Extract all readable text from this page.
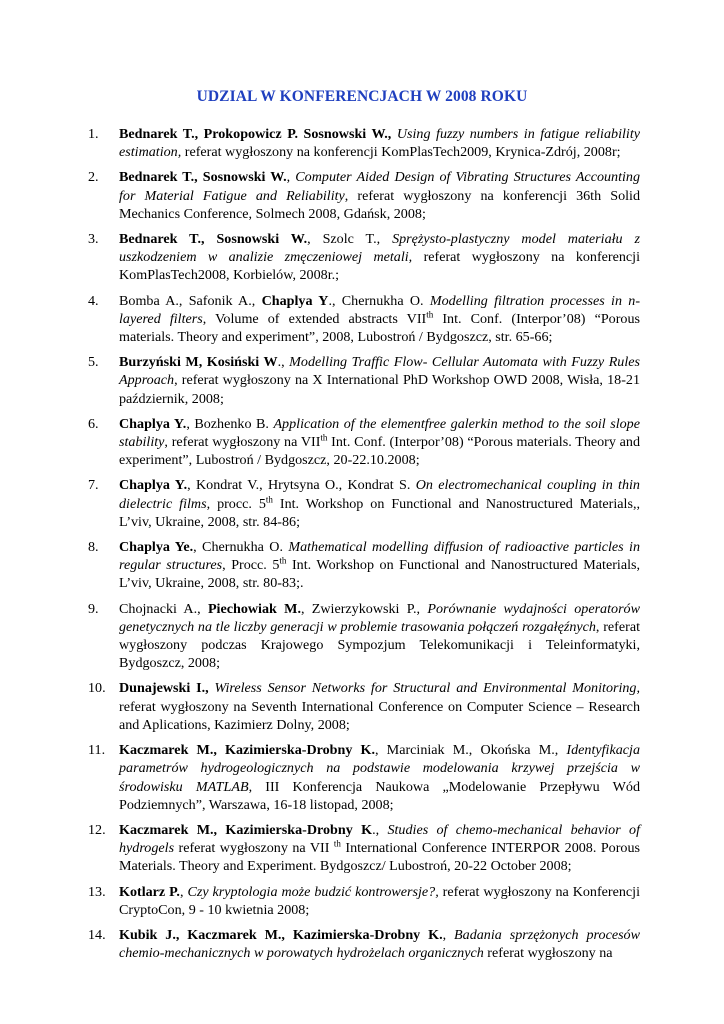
UDZIAL W KONFERENCJACH W 2008 ROKU
1. Bednarek T., Prokopowicz P. Sosnowski W., Using fuzzy numbers in fatigue reliability estimation, referat wygłoszony na konferencji KomPlasTech2009, Krynica-Zdrój, 2008r;
2. Bednarek T., Sosnowski W., Computer Aided Design of Vibrating Structures Accounting for Material Fatigue and Reliability, referat wygłoszony na konferencji 36th Solid Mechanics Conference, Solmech 2008, Gdańsk, 2008;
3. Bednarek T., Sosnowski W., Szolc T., Sprężysto-plastyczny model materiału z uszkodzeniem w analizie zmęczeniowej metali, referat wygłoszony na konferencji KomPlasTech2008, Korbielów, 2008r.;
4. Bomba A., Safonik A., Chaplya Y., Chernukha O. Modelling filtration processes in n-layered filters, Volume of extended abstracts VIIth Int. Conf. (Interpor’08) “Porous materials. Theory and experiment”, 2008, Lubostroń / Bydgoszcz, str. 65-66;
5. Burzyński M, Kosiński W., Modelling Traffic Flow- Cellular Automata with Fuzzy Rules Approach, referat wygłoszony na X International PhD Workshop OWD 2008, Wisła, 18-21 październik, 2008;
6. Chaplya Y., Bozhenko B. Application of the elementfree galerkin method to the soil slope stability, referat wygłoszony na VIIth Int. Conf. (Interpor’08) “Porous materials. Theory and experiment”, Lubostroń / Bydgoszcz, 20-22.10.2008;
7. Chaplya Y., Kondrat V., Hrytsyna O., Kondrat S. On electromechanical coupling in thin dielectric films, procc. 5th Int. Workshop on Functional and Nanostructured Materials,, L’viv, Ukraine, 2008, str. 84-86;
8. Chaplya Ye., Chernukha O. Mathematical modelling diffusion of radioactive particles in regular structures, Procc. 5th Int. Workshop on Functional and Nanostructured Materials, L’viv, Ukraine, 2008, str. 80-83;.
9. Chojnacki A., Piechowiak M., Zwierzykowski P., Porównanie wydajności operatorów genetycznych na tle liczby generacji w problemie trasowania połączeń rozgałęźnych, referat wygłoszony podczas Krajowego Sympozjum Telekomunikacji i Teleinformatyki, Bydgoszcz, 2008;
10. Dunajewski I., Wireless Sensor Networks for Structural and Environmental Monitoring, referat wygłoszony na Seventh International Conference on Computer Science – Research and Aplications, Kazimierz Dolny, 2008;
11. Kaczmarek M., Kazimierska-Drobny K., Marciniak M., Okońska M., Identyfikacja parametrów hydrogeologicznych na podstawie modelowania krzywej przejścia w środowisku MATLAB, III Konferencja Naukowa „Modelowanie Przepływu Wód Podziemnych”, Warszawa, 16-18 listopad, 2008;
12. Kaczmarek M., Kazimierska-Drobny K., Studies of chemo-mechanical behavior of hydrogels referat wygłoszony na VII $^{th}$ International Conference INTERPOR 2008. Porous Materials. Theory and Experiment. Bydgoszcz/ Lubostroń, 20-22 October 2008;
13. Kotlarz P., Czy kryptologia może budzić kontrowersje?, referat wygłoszony na Konferencji CryptoCon, 9 - 10 kwietnia 2008;
14. Kubik J., Kaczmarek M., Kazimierska-Drobny K., Badania sprzężonych procesów chemio-mechanicznych w porowatych hydrożelach organicznych referat wygłoszony na
